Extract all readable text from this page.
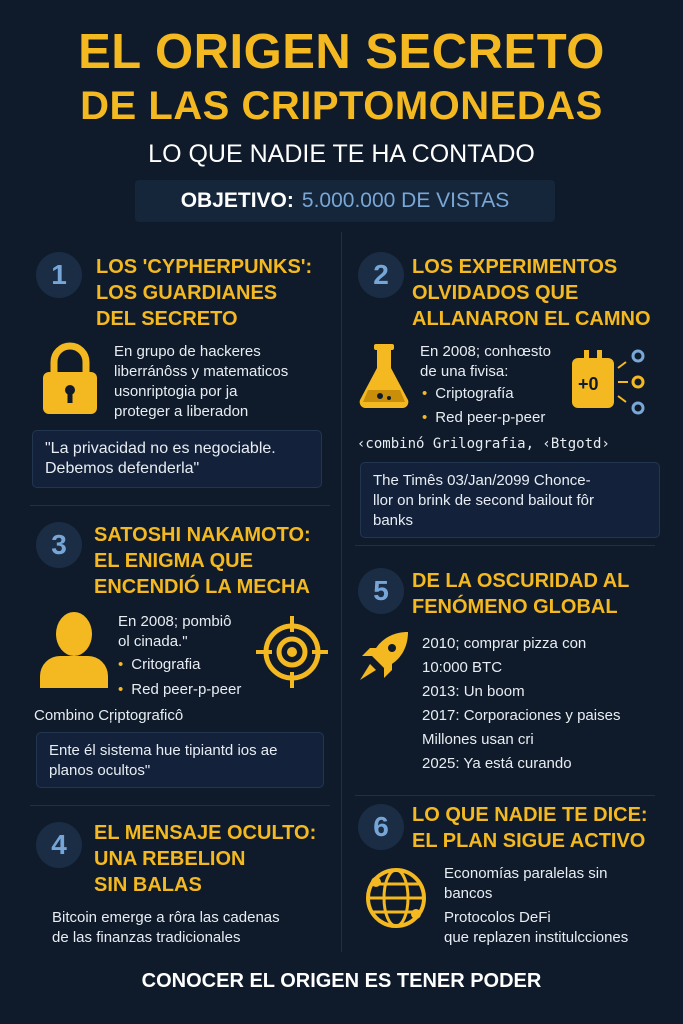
EL ORIGEN SECRETO
DE LAS CRIPTOMONEDAS
LO QUE NADIE TE HA CONTADO
OBJETIVO: 5.000.000 DE VISTAS
1	LOS 'CYPHERPUNKS':
LOS GUARDIANES
DEL SECRETO
En grupo de hackeres
liberránôss y matematicos
usonriptogia por ja
proteger a liberadon
"La privacidad no es negociable.
Debemos defenderla"
2	LOS EXPERIMENTOS
OLVIDADOS QUE
ALLANARON EL CAMNO
En 2008; conhœsto
de una fivisa:
• Criptografía
• Red peer-p-peer
+0
‹combinó Grilografia, ‹Btgotd›
The Timês 03/Jan/2099 Chonce-
llor on brink de second bailout fôr
banks
3	SATOSHI NAKAMOTO:
EL ENIGMA QUE
ENCENDIÓ LA MECHA
En 2008; pombiô
ol cinada."
• Critografia
• Red peer-p-peer
Combino Cŗiptograficô
Ente él sistema hue tipiantd ios ae
planos ocultos"
4	EL MENSAJE OCULTO:
UNA REBELION
SIN BALAS
Bitcoin emerge a rôra las cadenas
de las finanzas tradicionales
5	DE LA OSCURIDAD AL
FENÓMENO GLOBAL
2010; comprar pizza con
10:000 BTC
2013: Un boom
2017: Corporaciones y paises
Millones usan cri
2025: Ya está curando
6	LO QUE NADIE TE DICE:
EL PLAN SIGUE ACTIVO
Economías paralelas sin
bancos
Protocolos DeFi
que replazen institulcciones
CONOCER EL ORIGEN ES TENER PODER
